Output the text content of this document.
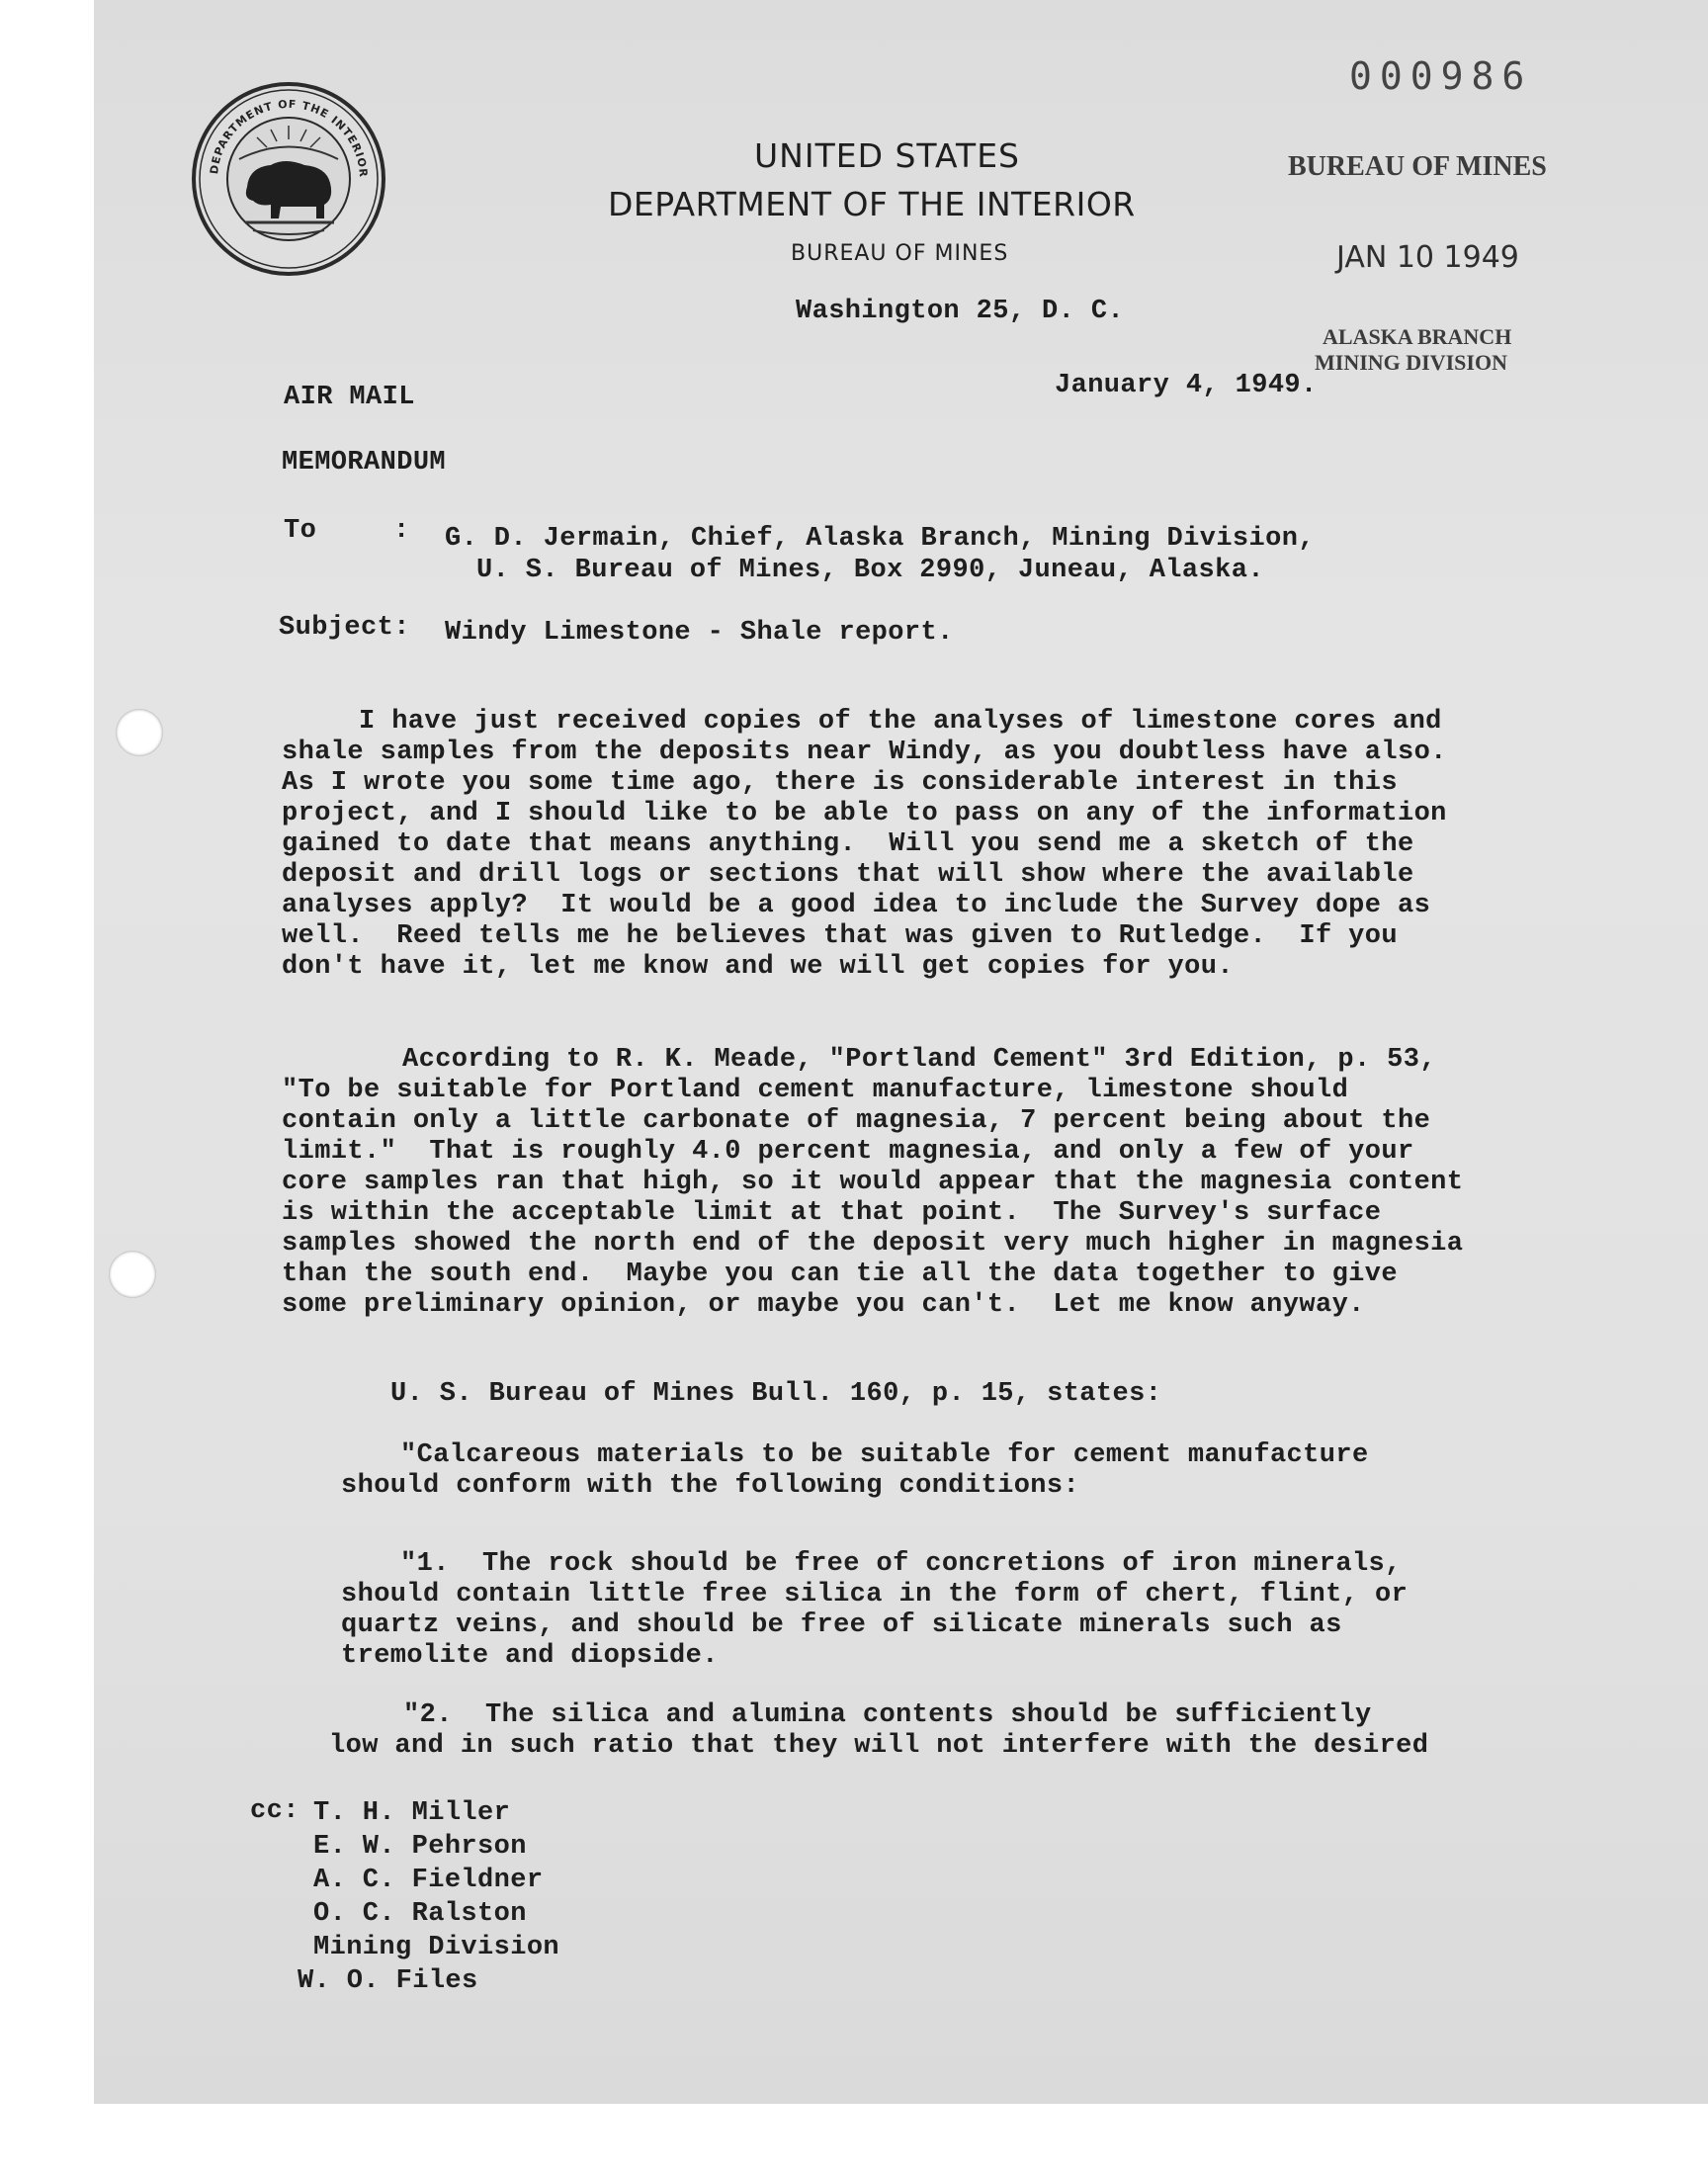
DEPARTMENT OF THE INTERIOR
000986
UNITED STATES
DEPARTMENT OF THE INTERIOR
BUREAU OF MINES
Washington 25, D. C.
BUREAU OF MINES
JAN 10 1949
ALASKA BRANCH
MINING DIVISION
January 4, 1949.
AIR MAIL
MEMORANDUM
To	: G. D. Jermain, Chief, Alaska Branch, Mining Division,
U. S. Bureau of Mines, Box 2990, Juneau, Alaska.
Subject: Windy Limestone - Shale report.
I have just received copies of the analyses of limestone cores and
shale samples from the deposits near Windy, as you doubtless have also.
As I wrote you some time ago, there is considerable interest in this
project, and I should like to be able to pass on any of the information
gained to date that means anything.  Will you send me a sketch of the
deposit and drill logs or sections that will show where the available
analyses apply?  It would be a good idea to include the Survey dope as
well.  Reed tells me he believes that was given to Rutledge.  If you
don't have it, let me know and we will get copies for you.
According to R. K. Meade, "Portland Cement" 3rd Edition, p. 53,
"To be suitable for Portland cement manufacture, limestone should
contain only a little carbonate of magnesia, 7 percent being about the
limit."  That is roughly 4.0 percent magnesia, and only a few of your
core samples ran that high, so it would appear that the magnesia content
is within the acceptable limit at that point.  The Survey's surface
samples showed the north end of the deposit very much higher in magnesia
than the south end.  Maybe you can tie all the data together to give
some preliminary opinion, or maybe you can't.  Let me know anyway.
U. S. Bureau of Mines Bull. 160, p. 15, states:
"Calcareous materials to be suitable for cement manufacture
should conform with the following conditions:
"1.  The rock should be free of concretions of iron minerals,
should contain little free silica in the form of chert, flint, or
quartz veins, and should be free of silicate minerals such as
tremolite and diopside.
"2.  The silica and alumina contents should be sufficiently
low and in such ratio that they will not interfere with the desired
cc: T. H. Miller
E. W. Pehrson
A. C. Fieldner
O. C. Ralston
Mining Division
W. O. Files
